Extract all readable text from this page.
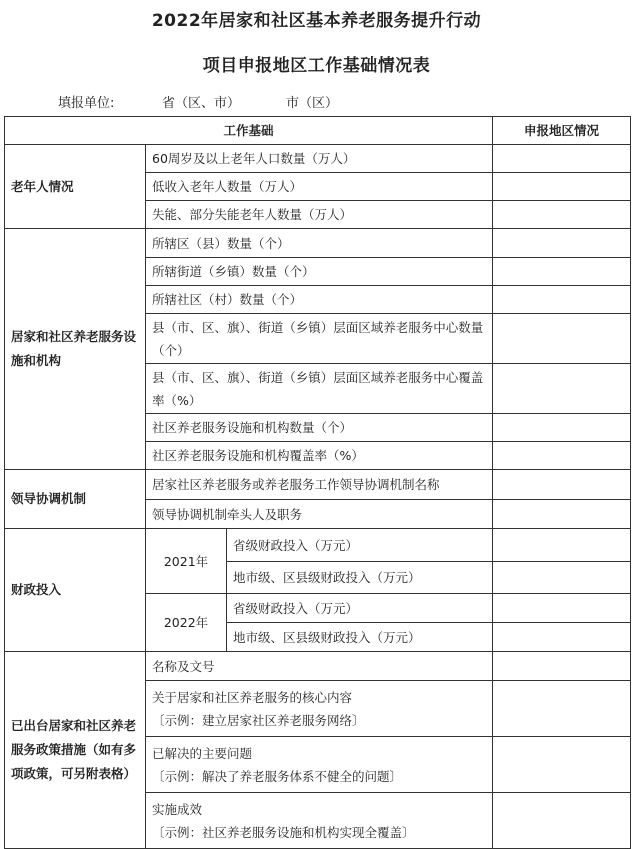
2022年居家和社区基本养老服务提升行动
项目申报地区工作基础情况表
填报单位:	省（区、市）	市（区）
工作基础			申报地区情况
老年人情况	60周岁及以上老年人口数量（万人）		
	低收入老年人数量（万人）		
	失能、部分失能老年人数量（万人）		
居家和社区养老服务设施和机构	所辖区（县）数量（个）		
	所辖街道（乡镇）数量（个）		
	所辖社区（村）数量（个）		
	县（市、区、旗）、街道（乡镇）层面区域养老服务中心数量（个）		
	县（市、区、旗）、街道（乡镇）层面区域养老服务中心覆盖率（%）		
	社区养老服务设施和机构数量（个）		
	社区养老服务设施和机构覆盖率（%）		
领导协调机制	居家社区养老服务或养老服务工作领导协调机制名称		
	领导协调机制牵头人及职务		
财政投入	2021年	省级财政投入（万元）	
		地市级、区县级财政投入（万元）	
	2022年	省级财政投入（万元）	
		地市级、区县级财政投入（万元）	
已出台居家和社区养老服务政策措施（如有多项政策，可另附表格）	名称及文号		

	关于居家和社区养老服务的核心内容
〔示例：建立居家社区养老服务网络〕		

	已解决的主要问题
〔示例：解决了养老服务体系不健全的问题〕		

	实施成效
〔示例：社区养老服务设施和机构实现全覆盖〕		
